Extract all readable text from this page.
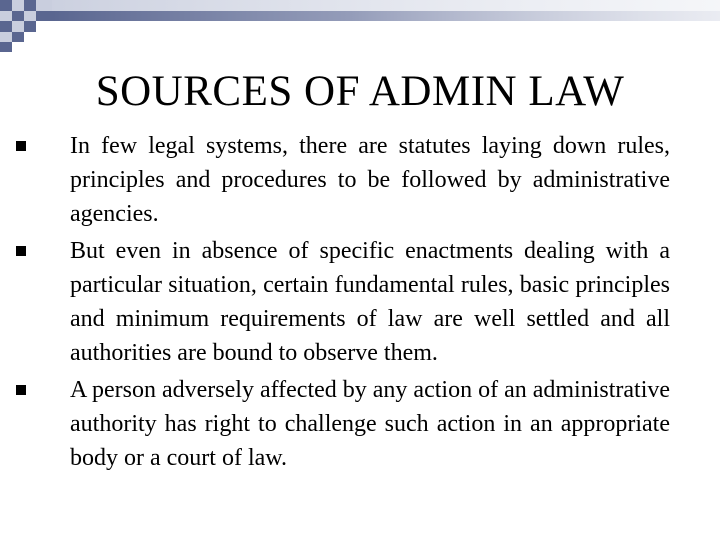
SOURCES OF ADMIN LAW
In few legal systems, there are statutes laying down rules, principles and procedures to be followed by administrative agencies.
But even in absence of specific enactments dealing with a particular situation, certain fundamental rules, basic principles and minimum requirements of law are well settled and all authorities are bound to observe them.
A person adversely affected by any action of an administrative authority has right to challenge such action in an appropriate body or a court of law.
